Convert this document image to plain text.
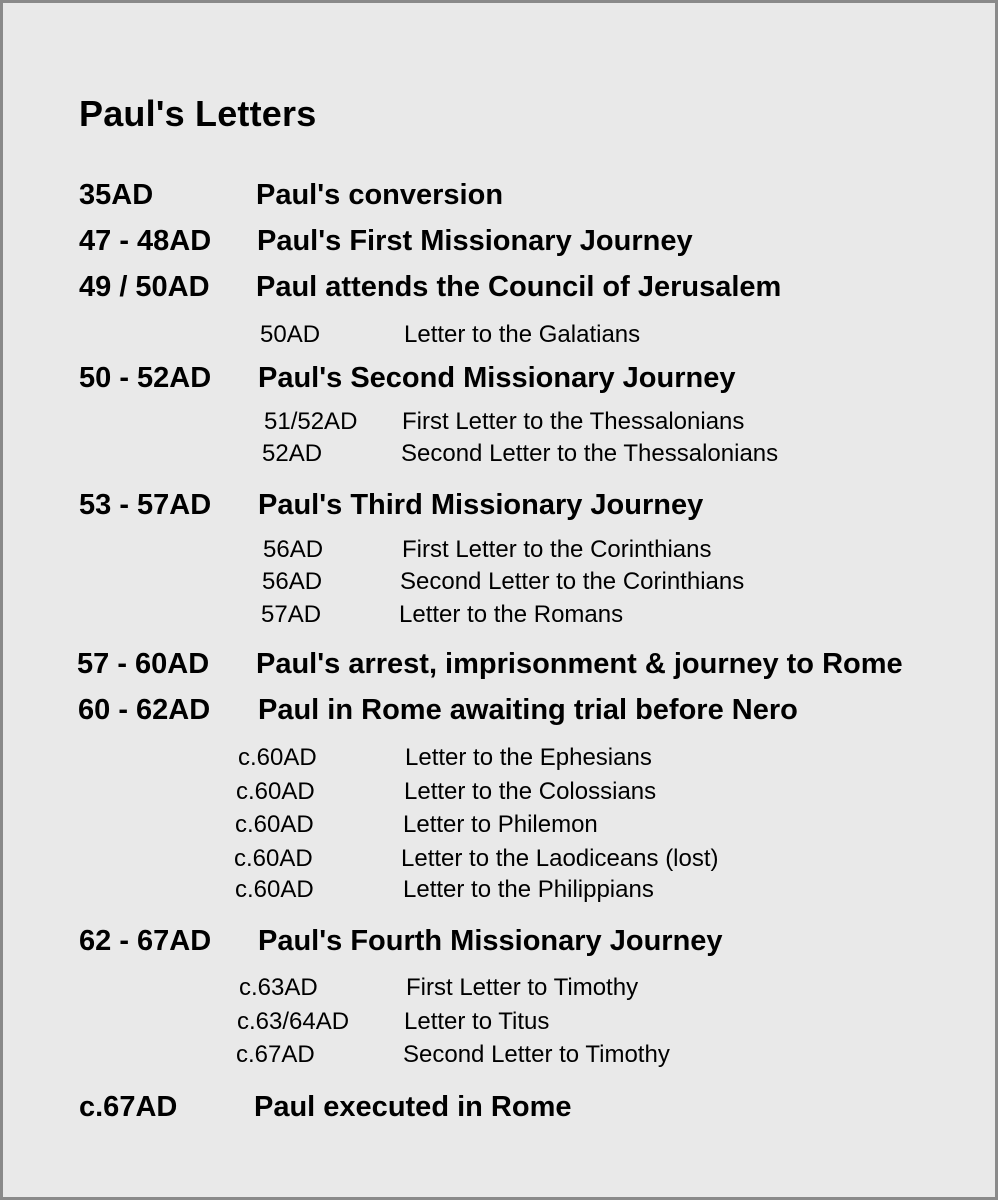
Paul's Letters
35AD	Paul's conversion
47 - 48AD Paul's First Missionary Journey
49 / 50AD Paul attends the Council of Jerusalem
50AD	Letter to the Galatians
50 - 52AD Paul's Second Missionary Journey
51/52AD First Letter to the Thessalonians
52AD	Second Letter to the Thessalonians
53 - 57AD Paul's Third Missionary Journey
56AD	First Letter to the Corinthians
56AD	Second Letter to the Corinthians
57AD	Letter to the Romans
57 - 60AD Paul's arrest, imprisonment & journey to Rome
60 - 62AD Paul in Rome awaiting trial before Nero
c.60AD	Letter to the Ephesians
c.60AD	Letter to the Colossians
c.60AD	Letter to Philemon
c.60AD	Letter to the Laodiceans (lost)
c.60AD	Letter to the Philippians
62 - 67AD Paul's Fourth Missionary Journey
c.63AD	First Letter to Timothy
c.63/64AD Letter to Titus
c.67AD	Second Letter to Timothy
c.67AD	Paul executed in Rome
